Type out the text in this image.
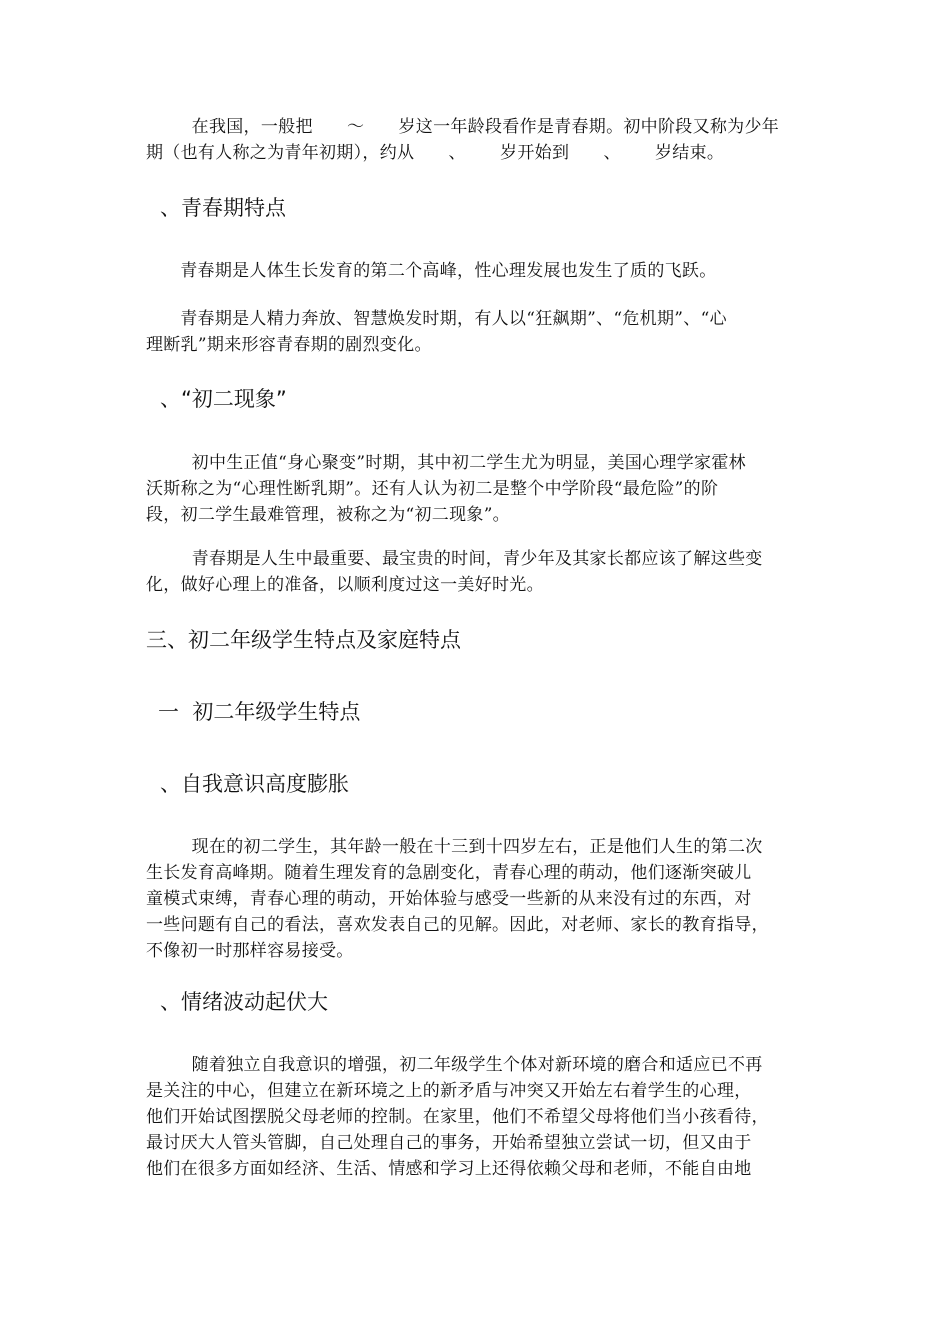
在我国，一般把      ～      岁这一年龄段看作是青春期。初中阶段又称为少年
期（也有人称之为青年初期），约从      、      岁开始到      、      岁结束。

、青春期特点

青春期是人体生长发育的第二个高峰，性心理发展也发生了质的飞跃。

青春期是人精力奔放、智慧焕发时期，有人以“狂飙期”、“危机期”、“心
理断乳”期来形容青春期的剧烈变化。

、“初二现象”

初中生正值“身心聚变”时期，其中初二学生尤为明显，美国心理学家霍林
沃斯称之为“心理性断乳期”。还有人认为初二是整个中学阶段“最危险”的阶
段，初二学生最难管理，被称之为“初二现象”。

青春期是人生中最重要、最宝贵的时间，青少年及其家长都应该了解这些变
化，做好心理上的准备，以顺利度过这一美好时光。

三、初二年级学生特点及家庭特点
一  初二年级学生特点
、自我意识高度膨胀

现在的初二学生，其年龄一般在十三到十四岁左右，正是他们人生的第二次
生长发育高峰期。随着生理发育的急剧变化，青春心理的萌动，他们逐渐突破儿
童模式束缚，青春心理的萌动，开始体验与感受一些新的从来没有过的东西，对
一些问题有自己的看法，喜欢发表自己的见解。因此，对老师、家长的教育指导，
不像初一时那样容易接受。

、情绪波动起伏大

随着独立自我意识的增强，初二年级学生个体对新环境的磨合和适应已不再
是关注的中心，但建立在新环境之上的新矛盾与冲突又开始左右着学生的心理，
他们开始试图摆脱父母老师的控制。在家里，他们不希望父母将他们当小孩看待，
最讨厌大人管头管脚，自己处理自己的事务，开始希望独立尝试一切，但又由于
他们在很多方面如经济、生活、情感和学习上还得依赖父母和老师，不能自由地
